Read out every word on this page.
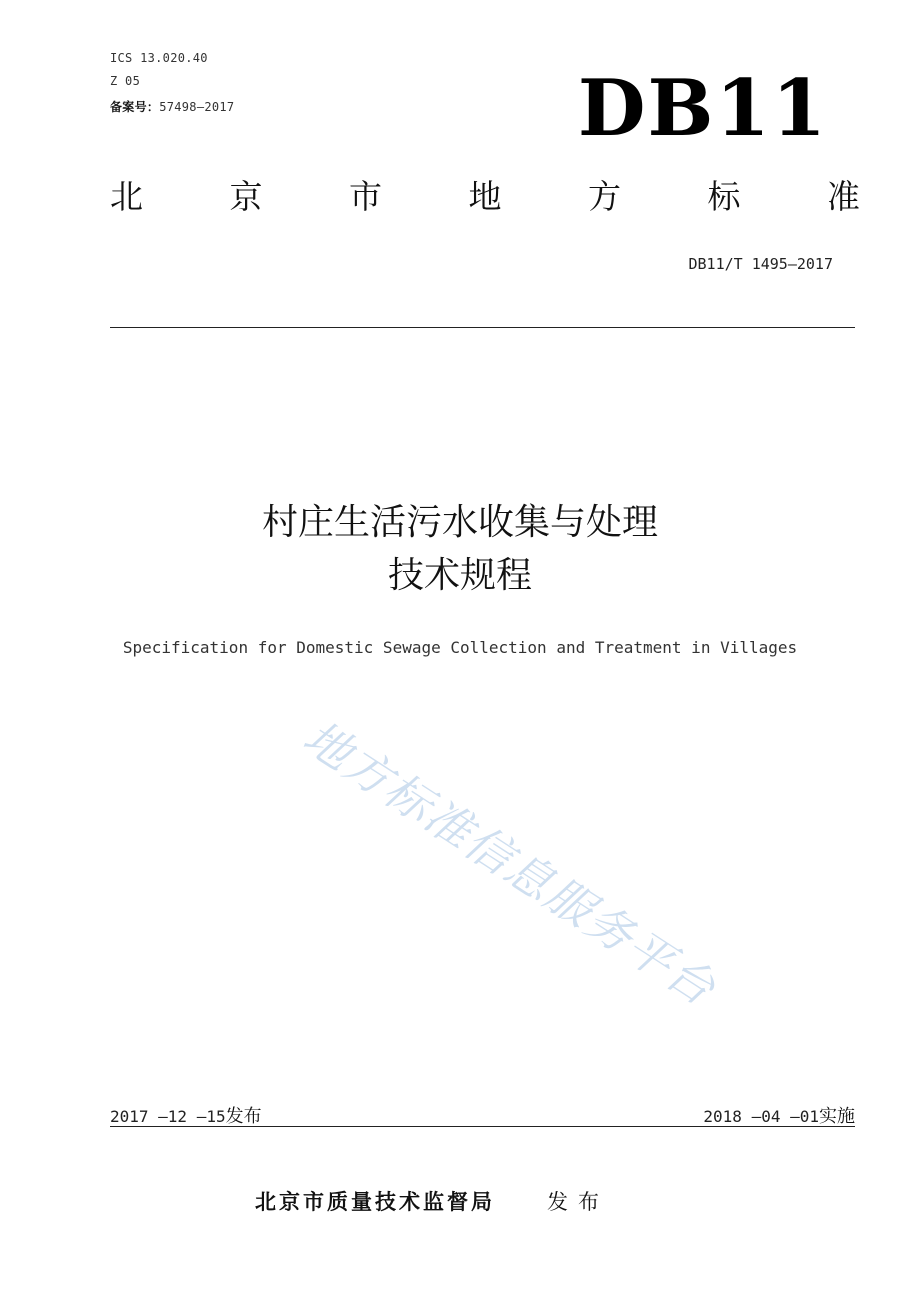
ICS 13.020.40
Z 05
备案号：57498—2017	DB11
北	京	市	地	方	标	准
DB11/T 1495—2017
村庄生活污水收集与处理
技术规程
Specification for Domestic Sewage Collection and Treatment in Villages
地方标准信息服务平台
2017 —12 —15发布	2018 —04 —01实施
北京市质量技术监督局 发布
